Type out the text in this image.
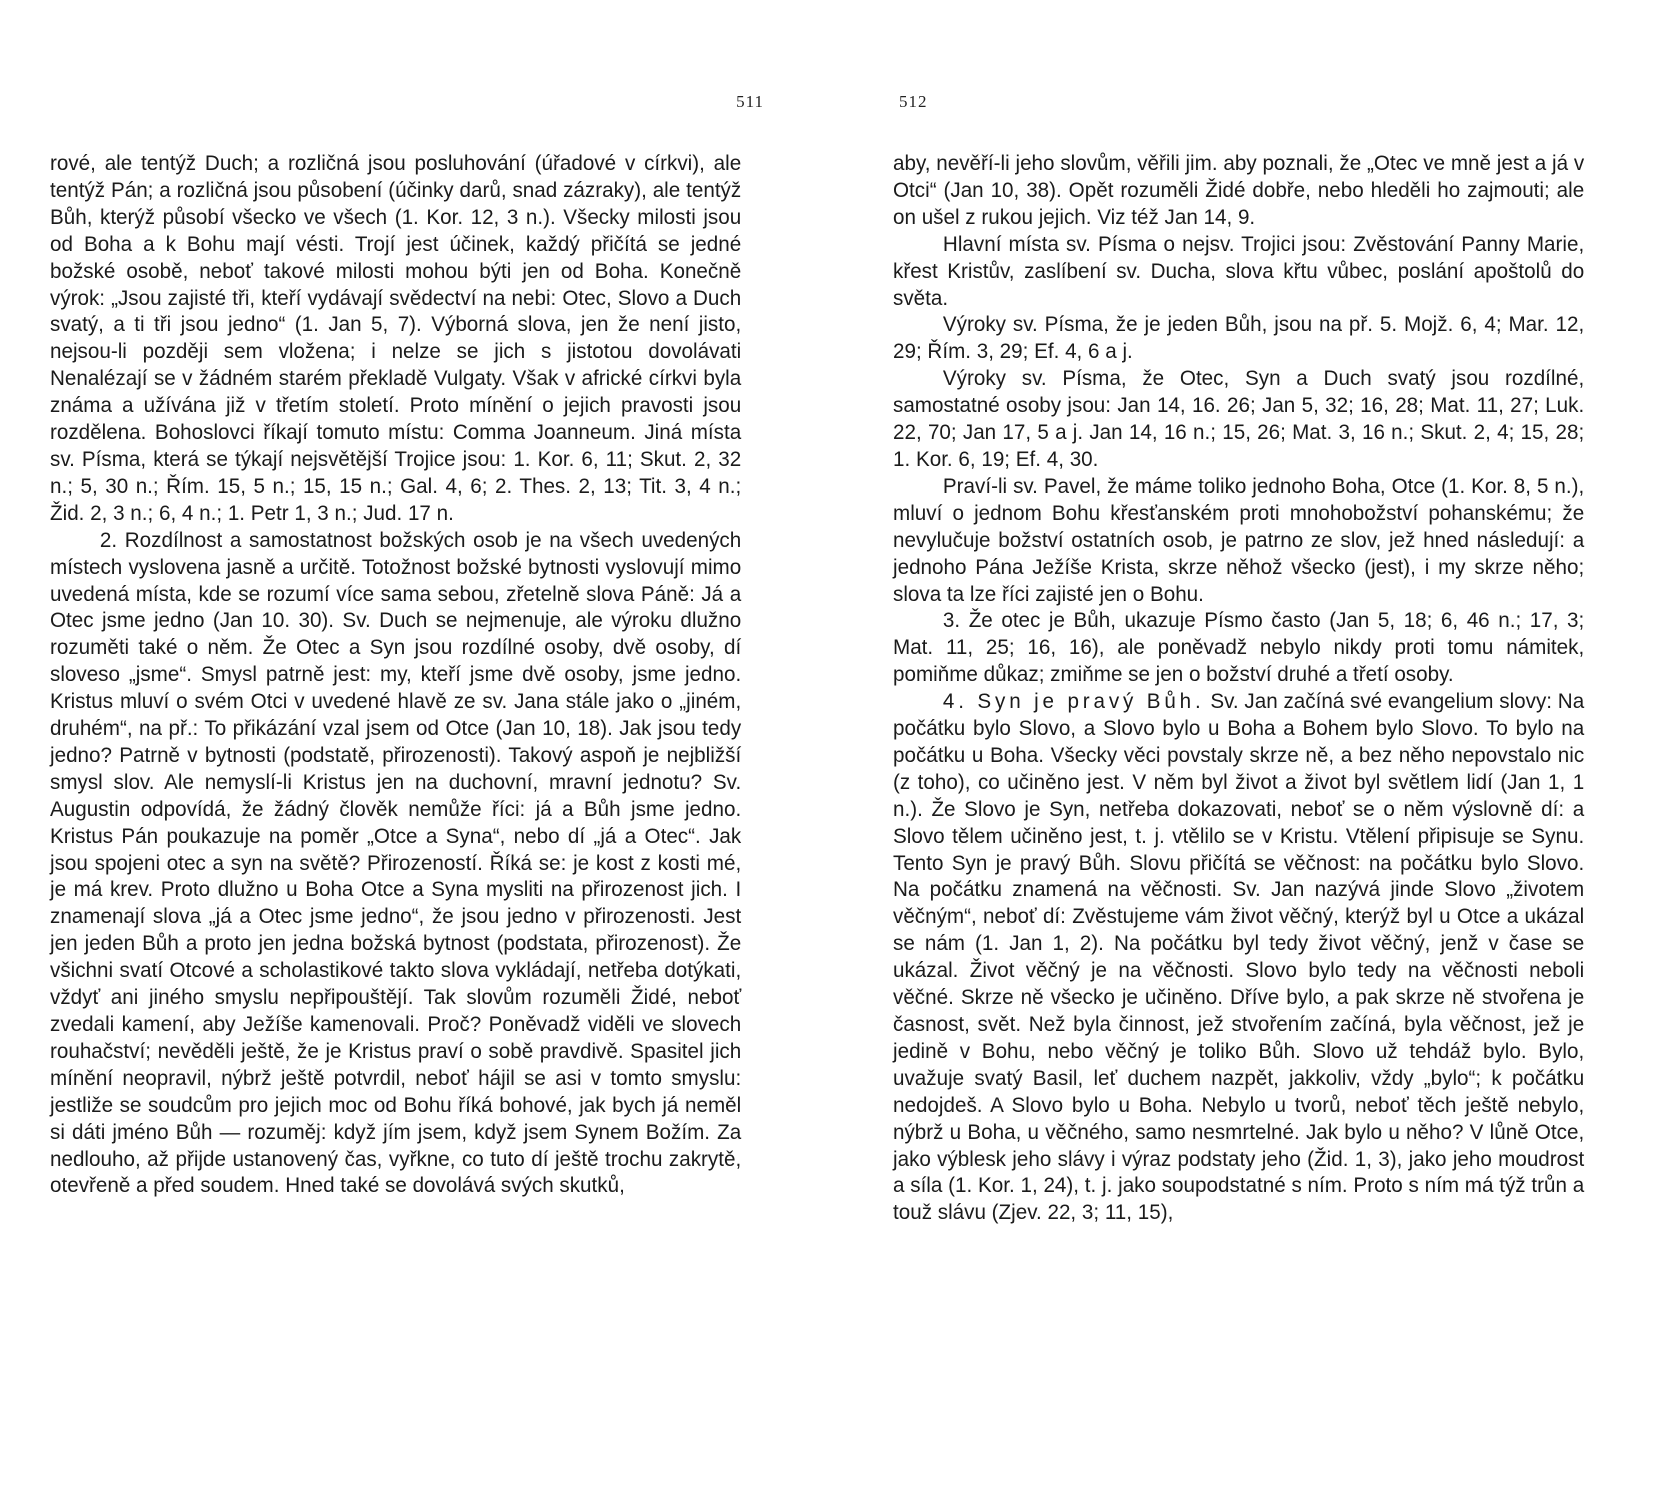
511

rové, ale tentýž Duch; a rozličná jsou posluhování (úřadové v církvi), ale tentýž Pán; a rozličná jsou působení (účinky darů, snad zázraky), ale tentýž Bůh, kterýž působí všecko ve všech (1. Kor. 12, 3 n.). Všecky milosti jsou od Boha a k Bohu mají vésti. Trojí jest účinek, každý přičítá se jedné božské osobě, neboť takové milosti mohou býti jen od Boha. Konečně výrok: „Jsou zajisté tři, kteří vydávají svědectví na nebi: Otec, Slovo a Duch svatý, a ti tři jsou jedno“ (1. Jan 5, 7). Výborná slova, jen že není jisto, nejsou-li později sem vložena; i nelze se jich s jistotou dovolávati Nenalézají se v žádném starém překladě Vulgaty. Však v africké církvi byla známa a užívána již v třetím století. Proto mínění o jejich pravosti jsou rozdělena. Bohoslovci říkají tomuto místu: Comma Joanneum. Jiná místa sv. Písma, která se týkají nejsvětější Trojice jsou: 1. Kor. 6, 11; Skut. 2, 32 n.; 5, 30 n.; Řím. 15, 5 n.; 15, 15 n.; Gal. 4, 6; 2. Thes. 2, 13; Tit. 3, 4 n.; Žid. 2, 3 n.; 6, 4 n.; 1. Petr 1, 3 n.; Jud. 17 n.

2. Rozdílnost a samostatnost božských osob je na všech uvedených místech vyslovena jasně a určitě. Totožnost božské bytnosti vyslovují mimo uvedená místa, kde se rozumí více sama sebou, zřetelně slova Páně: Já a Otec jsme jedno (Jan 10. 30). Sv. Duch se nejmenuje, ale výroku dlužno rozuměti také o něm. Že Otec a Syn jsou rozdílné osoby, dvě osoby, dí sloveso „jsme“. Smysl patrně jest: my, kteří jsme dvě osoby, jsme jedno. Kristus mluví o svém Otci v uvedené hlavě ze sv. Jana stále jako o „jiném, druhém“, na př.: To přikázání vzal jsem od Otce (Jan 10, 18). Jak jsou tedy jedno? Patrně v bytnosti (podstatě, přirozenosti). Takový aspoň je nejbližší smysl slov. Ale nemyslí-li Kristus jen na duchovní, mravní jednotu? Sv. Augustin odpovídá, že žádný člověk nemůže říci: já a Bůh jsme jedno. Kristus Pán poukazuje na poměr „Otce a Syna“, nebo dí „já a Otec“. Jak jsou spojeni otec a syn na světě? Přirozeností. Říká se: je kost z kosti mé, je má krev. Proto dlužno u Boha Otce a Syna mysliti na přirozenost jich. I znamenají slova „já a Otec jsme jedno“, že jsou jedno v přirozenosti. Jest jen jeden Bůh a proto jen jedna božská bytnost (podstata, přirozenost). Že všichni svatí Otcové a scholastikové takto slova vykládají, netřeba dotýkati, vždyť ani jiného smyslu nepřipouštějí. Tak slovům rozuměli Židé, neboť zvedali kamení, aby Ježíše kamenovali. Proč? Poněvadž viděli ve slovech rouhačství; nevěděli ještě, že je Kristus praví o sobě pravdivě. Spasitel jich mínění neopravil, nýbrž ještě potvrdil, neboť hájil se asi v tomto smyslu: jestliže se soudcům pro jejich moc od Bohu říká bohové, jak bych já neměl si dáti jméno Bůh — rozuměj: když jím jsem, když jsem Synem Božím. Za nedlouho, až přijde ustanovený čas, vyřkne, co tuto dí ještě trochu zakrytě, otevřeně a před soudem. Hned také se dovolává svých skutků,

512

aby, nevěří-li jeho slovům, věřili jim. aby poznali, že „Otec ve mně jest a já v Otci“ (Jan 10, 38). Opět rozuměli Židé dobře, nebo hleděli ho zajmouti; ale on ušel z rukou jejich. Viz též Jan 14, 9.

Hlavní místa sv. Písma o nejsv. Trojici jsou: Zvěstování Panny Marie, křest Kristův, zaslíbení sv. Ducha, slova křtu vůbec, poslání apoštolů do světa.

Výroky sv. Písma, že je jeden Bůh, jsou na př. 5. Mojž. 6, 4; Mar. 12, 29; Řím. 3, 29; Ef. 4, 6 a j.

Výroky sv. Písma, že Otec, Syn a Duch svatý jsou rozdílné, samostatné osoby jsou: Jan 14, 16. 26; Jan 5, 32; 16, 28; Mat. 11, 27; Luk. 22, 70; Jan 17, 5 a j. Jan 14, 16 n.; 15, 26; Mat. 3, 16 n.; Skut. 2, 4; 15, 28; 1. Kor. 6, 19; Ef. 4, 30.

Praví-li sv. Pavel, že máme toliko jednoho Boha, Otce (1. Kor. 8, 5 n.), mluví o jednom Bohu křesťanském proti mnohobožství pohanskému; že nevylučuje božství ostatních osob, je patrno ze slov, jež hned následují: a jednoho Pána Ježíše Krista, skrze něhož všecko (jest), i my skrze něho; slova ta lze říci zajisté jen o Bohu.

3. Že otec je Bůh, ukazuje Písmo často (Jan 5, 18; 6, 46 n.; 17, 3; Mat. 11, 25; 16, 16), ale poněvadž nebylo nikdy proti tomu námitek, pomiňme důkaz; zmiňme se jen o božství druhé a třetí osoby.

4. Syn je pravý Bůh. Sv. Jan začíná své evangelium slovy: Na počátku bylo Slovo, a Slovo bylo u Boha a Bohem bylo Slovo. To bylo na počátku u Boha. Všecky věci povstaly skrze ně, a bez něho nepovstalo nic (z toho), co učiněno jest. V něm byl život a život byl světlem lidí (Jan 1, 1 n.). Že Slovo je Syn, netřeba dokazovati, neboť se o něm výslovně dí: a Slovo tělem učiněno jest, t. j. vtělilo se v Kristu. Vtělení připisuje se Synu. Tento Syn je pravý Bůh. Slovu přičítá se věčnost: na počátku bylo Slovo. Na počátku znamená na věčnosti. Sv. Jan nazývá jinde Slovo „životem věčným“, neboť dí: Zvěstujeme vám život věčný, kterýž byl u Otce a ukázal se nám (1. Jan 1, 2). Na počátku byl tedy život věčný, jenž v čase se ukázal. Život věčný je na věčnosti. Slovo bylo tedy na věčnosti neboli věčné. Skrze ně všecko je učiněno. Dříve bylo, a pak skrze ně stvořena je časnost, svět. Než byla činnost, jež stvořením začíná, byla věčnost, jež je jedině v Bohu, nebo věčný je toliko Bůh. Slovo už tehdáž bylo. Bylo, uvažuje svatý Basil, leť duchem nazpět, jakkoliv, vždy „bylo“; k počátku nedojdeš. A Slovo bylo u Boha. Nebylo u tvorů, neboť těch ještě nebylo, nýbrž u Boha, u věčného, samo nesmrtelné. Jak bylo u něho? V lůně Otce, jako výblesk jeho slávy i výraz podstaty jeho (Žid. 1, 3), jako jeho moudrost a síla (1. Kor. 1, 24), t. j. jako soupodstatné s ním. Proto s ním má týž trůn a touž slávu (Zjev. 22, 3; 11, 15),
